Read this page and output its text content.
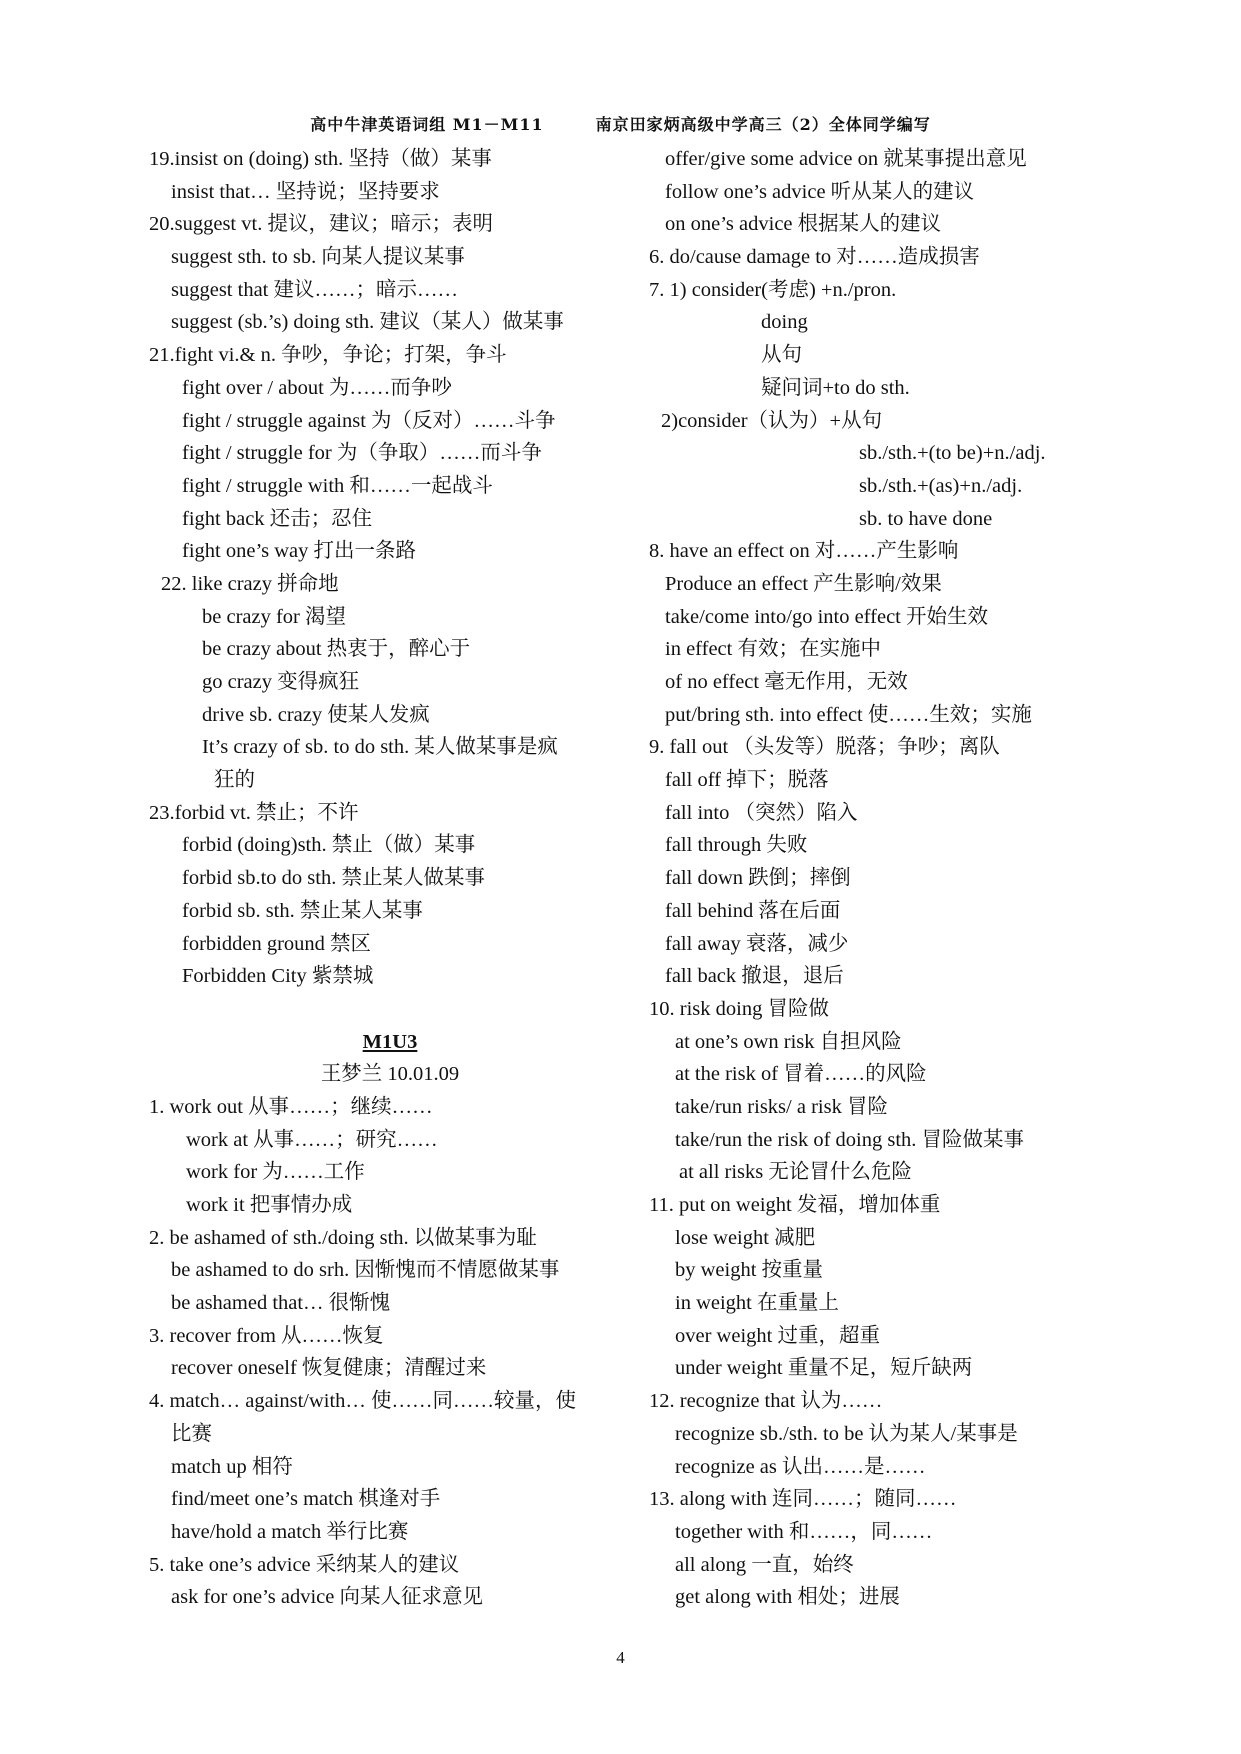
高中牛津英语词组 M1－M11	南京田家炳高级中学高三（2）全体同学编写
19.insist on (doing) sth. 坚持（做）某事
insist that… 坚持说；坚持要求
20.suggest vt. 提议，建议；暗示；表明
suggest sth. to sb. 向某人提议某事
suggest that 建议……；暗示……
suggest (sb.’s) doing sth. 建议（某人）做某事
21.fight vi.& n. 争吵，争论；打架，争斗
fight over / about 为……而争吵
fight / struggle against 为（反对）……斗争
fight / struggle for 为（争取）……而斗争
fight / struggle with 和……一起战斗
fight back 还击；忍住
fight one’s way 打出一条路
22. like crazy 拼命地
be crazy for 渴望
be crazy about 热衷于，醉心于
go crazy 变得疯狂
drive sb. crazy 使某人发疯
It’s crazy of sb. to do sth. 某人做某事是疯
狂的
23.forbid vt. 禁止；不许
forbid (doing)sth. 禁止（做）某事
forbid sb.to do sth. 禁止某人做某事
forbid sb. sth. 禁止某人某事
forbidden ground 禁区
Forbidden City 紫禁城
M1U3
王梦兰 10.01.09
1. work out 从事……；继续……
work at 从事……；研究……
work for 为……工作
work it 把事情办成
2. be ashamed of sth./doing sth. 以做某事为耻
be ashamed to do srh. 因惭愧而不情愿做某事
be ashamed that… 很惭愧
3. recover from 从……恢复
recover oneself 恢复健康；清醒过来
4. match… against/with… 使……同……较量，使
比赛
match up 相符
find/meet one’s match 棋逢对手
have/hold a match 举行比赛
5. take one’s advice 采纳某人的建议
ask for one’s advice 向某人征求意见
offer/give some advice on 就某事提出意见
follow one’s advice 听从某人的建议
on one’s advice 根据某人的建议
6. do/cause damage to 对……造成损害
7. 1) consider(考虑) +n./pron.
doing
从句
疑问词+to do sth.
2)consider（认为）+从句
sb./sth.+(to be)+n./adj.
sb./sth.+(as)+n./adj.
sb. to have done
8. have an effect on 对……产生影响
Produce an effect 产生影响/效果
take/come into/go into effect 开始生效
in effect 有效；在实施中
of no effect 毫无作用，无效
put/bring sth. into effect 使……生效；实施
9. fall out （头发等）脱落；争吵；离队
fall off 掉下；脱落
fall into （突然）陷入
fall through 失败
fall down 跌倒；摔倒
fall behind 落在后面
fall away 衰落，减少
fall back 撤退，退后
10. risk doing 冒险做
at one’s own risk 自担风险
at the risk of 冒着……的风险
take/run risks/ a risk 冒险
take/run the risk of doing sth. 冒险做某事
at all risks 无论冒什么危险
11. put on weight 发福，增加体重
lose weight 减肥
by weight 按重量
in weight 在重量上
over weight 过重，超重
under weight 重量不足，短斤缺两
12. recognize that 认为……
recognize sb./sth. to be 认为某人/某事是
recognize as 认出……是……
13. along with 连同……；随同……
together with 和……，同……
all along 一直，始终
get along with 相处；进展
4
